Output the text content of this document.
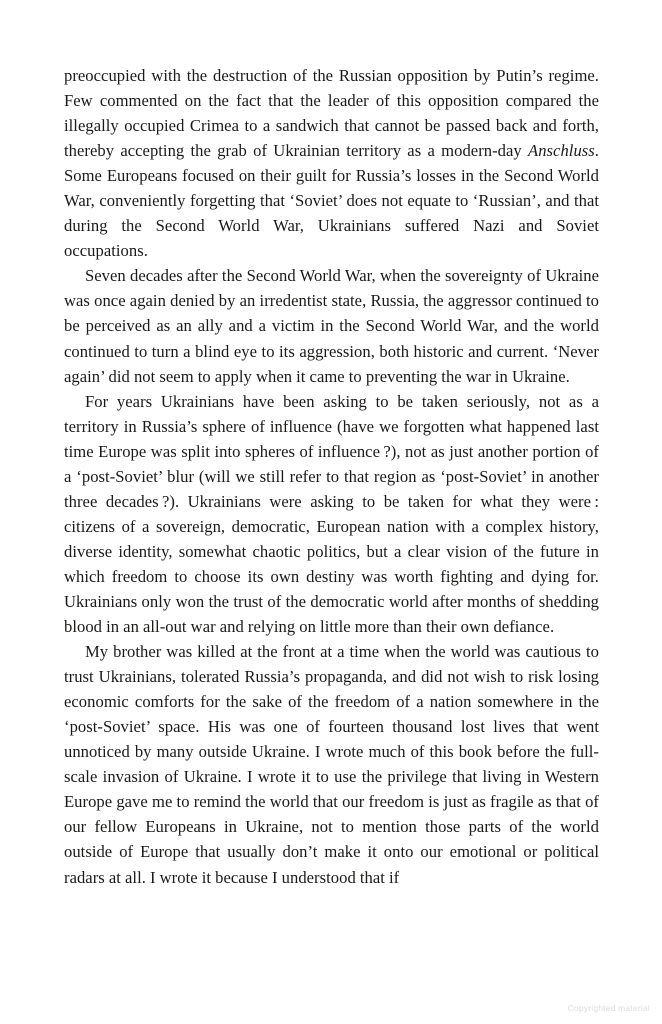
preoccupied with the destruction of the Russian opposition by Putin’s regime. Few commented on the fact that the leader of this opposition compared the illegally occupied Crimea to a sandwich that cannot be passed back and forth, thereby accepting the grab of Ukrainian territory as a modern-day Anschluss. Some Europeans focused on their guilt for Russia’s losses in the Second World War, conveniently forgetting that ‘Soviet’ does not equate to ‘Russian’, and that during the Second World War, Ukrainians suffered Nazi and Soviet occupations.

Seven decades after the Second World War, when the sovereignty of Ukraine was once again denied by an irredentist state, Russia, the aggressor continued to be perceived as an ally and a victim in the Second World War, and the world continued to turn a blind eye to its aggression, both historic and current. ‘Never again’ did not seem to apply when it came to preventing the war in Ukraine.

For years Ukrainians have been asking to be taken seriously, not as a territory in Russia’s sphere of influence (have we forgotten what happened last time Europe was split into spheres of influence ?), not as just another portion of a ‘post-Soviet’ blur (will we still refer to that region as ‘post-Soviet’ in another three decades ?). Ukrainians were asking to be taken for what they were : citizens of a sovereign, democratic, European nation with a complex history, diverse identity, somewhat chaotic politics, but a clear vision of the future in which freedom to choose its own destiny was worth fighting and dying for. Ukrainians only won the trust of the democratic world after months of shedding blood in an all-out war and relying on little more than their own defiance.

My brother was killed at the front at a time when the world was cautious to trust Ukrainians, tolerated Russia’s propaganda, and did not wish to risk losing economic comforts for the sake of the freedom of a nation somewhere in the ‘post-Soviet’ space. His was one of fourteen thousand lost lives that went unnoticed by many outside Ukraine. I wrote much of this book before the full-scale invasion of Ukraine. I wrote it to use the privilege that living in Western Europe gave me to remind the world that our freedom is just as fragile as that of our fellow Europeans in Ukraine, not to mention those parts of the world outside of Europe that usually don’t make it onto our emotional or political radars at all. I wrote it because I understood that if

Copyrighted material
